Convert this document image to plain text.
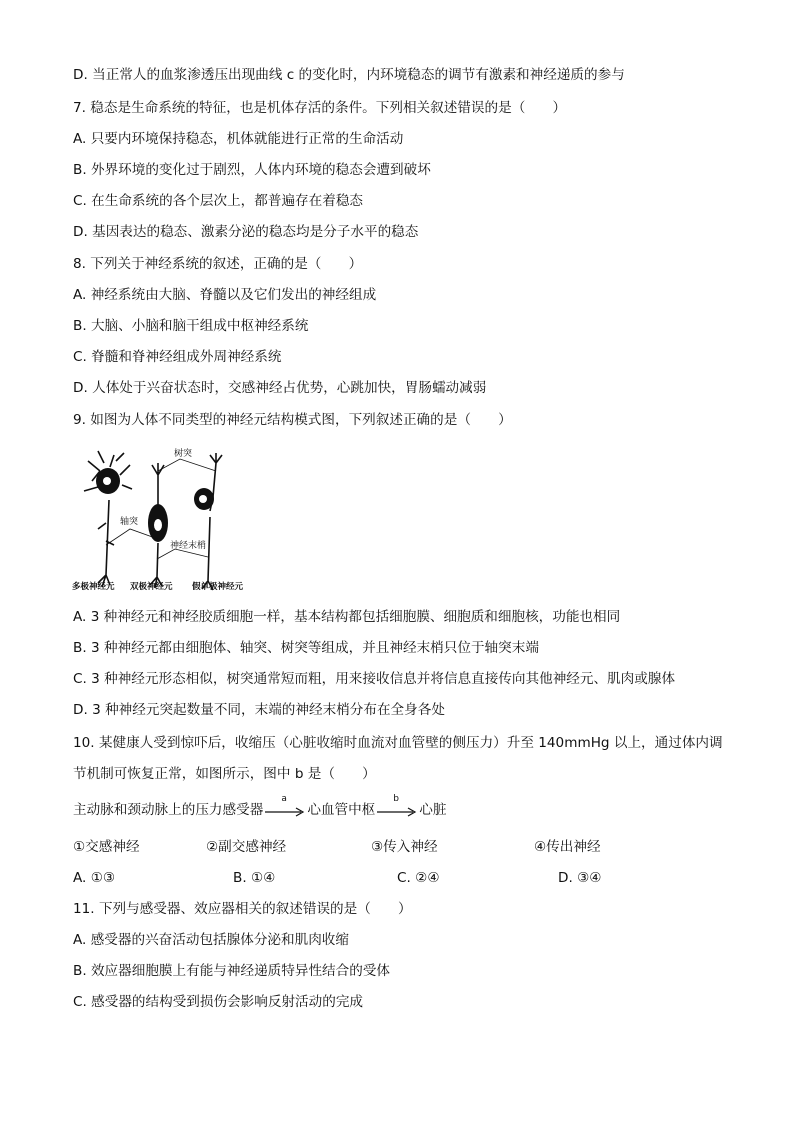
D. 当正常人的血浆渗透压出现曲线 c 的变化时，内环境稳态的调节有激素和神经递质的参与
7. 稳态是生命系统的特征，也是机体存活的条件。下列相关叙述错误的是（　　）
A. 只要内环境保持稳态，机体就能进行正常的生命活动
B. 外界环境的变化过于剧烈，人体内环境的稳态会遭到破坏
C. 在生命系统的各个层次上，都普遍存在着稳态
D. 基因表达的稳态、激素分泌的稳态均是分子水平的稳态
8. 下列关于神经系统的叙述，正确的是（　　）
A. 神经系统由大脑、脊髓以及它们发出的神经组成
B. 大脑、小脑和脑干组成中枢神经系统
C. 脊髓和脊神经组成外周神经系统
D. 人体处于兴奋状态时，交感神经占优势，心跳加快，胃肠蠕动减弱
9. 如图为人体不同类型的神经元结构模式图，下列叙述正确的是（　　）
树突
轴突
神经末梢
多极神经元 双极神经元 假单极神经元
A. 3 种神经元和神经胶质细胞一样，基本结构都包括细胞膜、细胞质和细胞核，功能也相同
B. 3 种神经元都由细胞体、轴突、树突等组成，并且神经末梢只位于轴突末端
C. 3 种神经元形态相似，树突通常短而粗，用来接收信息并将信息直接传向其他神经元、肌肉或腺体
D. 3 种神经元突起数量不同，末端的神经末梢分布在全身各处
10. 某健康人受到惊吓后，收缩压（心脏收缩时血流对血管壁的侧压力）升至 140mmHg 以上，通过体内调
节机制可恢复正常，如图所示，图中 b 是（　　）
主动脉和颈动脉上的压力感受器
a
心血管中枢
b
心脏
①交感神经	②副交感神经	③传入神经	④传出神经
A. ①③	B. ①④	C. ②④	D. ③④
11. 下列与感受器、效应器相关的叙述错误的是（　　）
A. 感受器的兴奋活动包括腺体分泌和肌肉收缩
B. 效应器细胞膜上有能与神经递质特异性结合的受体
C. 感受器的结构受到损伤会影响反射活动的完成
